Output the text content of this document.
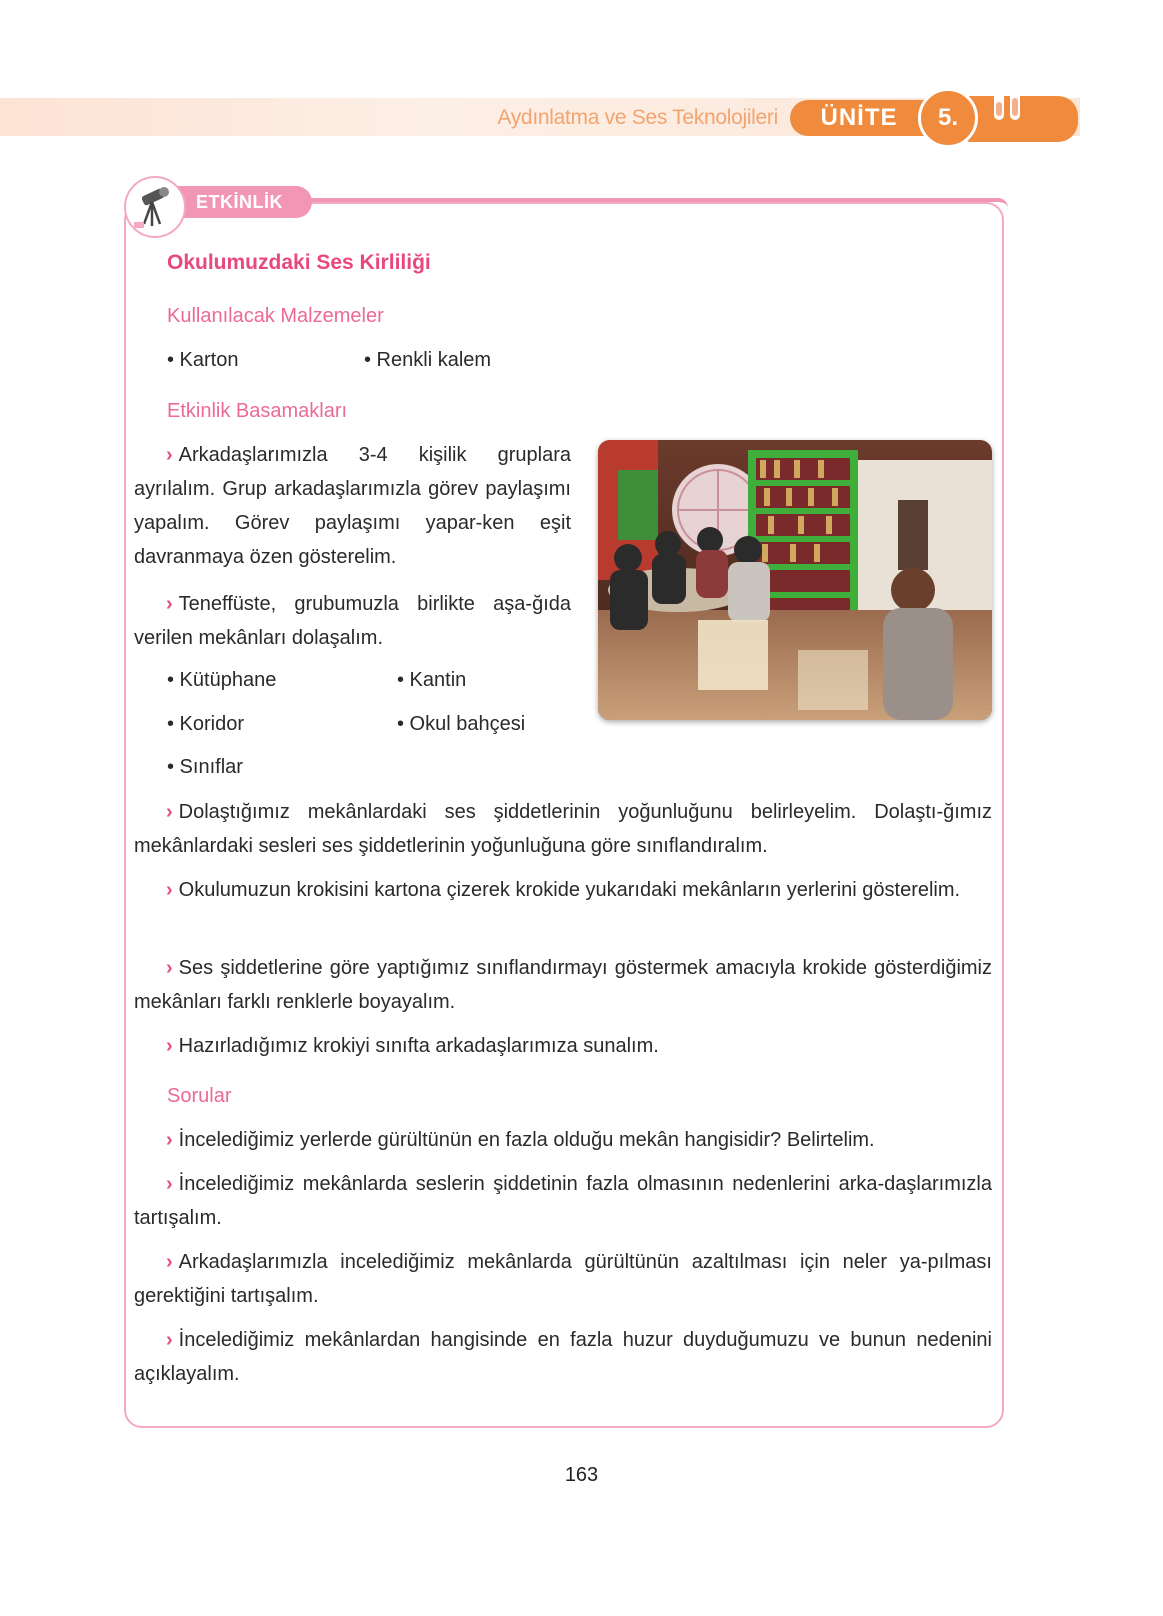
Aydınlatma ve Ses Teknolojileri	ÜNİTE	5.
ETKİNLİK
Okulumuzdaki Ses Kirliliği
Kullanılacak Malzemeler
• Karton	• Renkli kalem
Etkinlik Basamakları
› Arkadaşlarımızla 3-4 kişilik gruplara ayrılalım. Grup arkadaşlarımızla görev paylaşımı yapalım. Görev paylaşımı yapar-ken eşit davranmaya özen gösterelim.
› Teneffüste, grubumuzla birlikte aşa-ğıda verilen mekânları dolaşalım.
• Kütüphane	• Kantin
• Koridor	• Okul bahçesi
• Sınıflar
› Dolaştığımız mekânlardaki ses şiddetlerinin yoğunluğunu belirleyelim. Dolaştı-ğımız mekânlardaki sesleri ses şiddetlerinin yoğunluğuna göre sınıflandıralım.
› Okulumuzun krokisini kartona çizerek krokide yukarıdaki mekânların yerlerini gösterelim.
› Ses şiddetlerine göre yaptığımız sınıflandırmayı göstermek amacıyla krokide gösterdiğimiz mekânları farklı renklerle boyayalım.
› Hazırladığımız krokiyi sınıfta arkadaşlarımıza sunalım.
Sorular
› İncelediğimiz yerlerde gürültünün en fazla olduğu mekân hangisidir? Belirtelim.
› İncelediğimiz mekânlarda seslerin şiddetinin fazla olmasının nedenlerini arka-daşlarımızla tartışalım.
› Arkadaşlarımızla incelediğimiz mekânlarda gürültünün azaltılması için neler ya-pılması gerektiğini tartışalım.
› İncelediğimiz mekânlardan hangisinde en fazla huzur duyduğumuzu ve bunun nedenini açıklayalım.
163
